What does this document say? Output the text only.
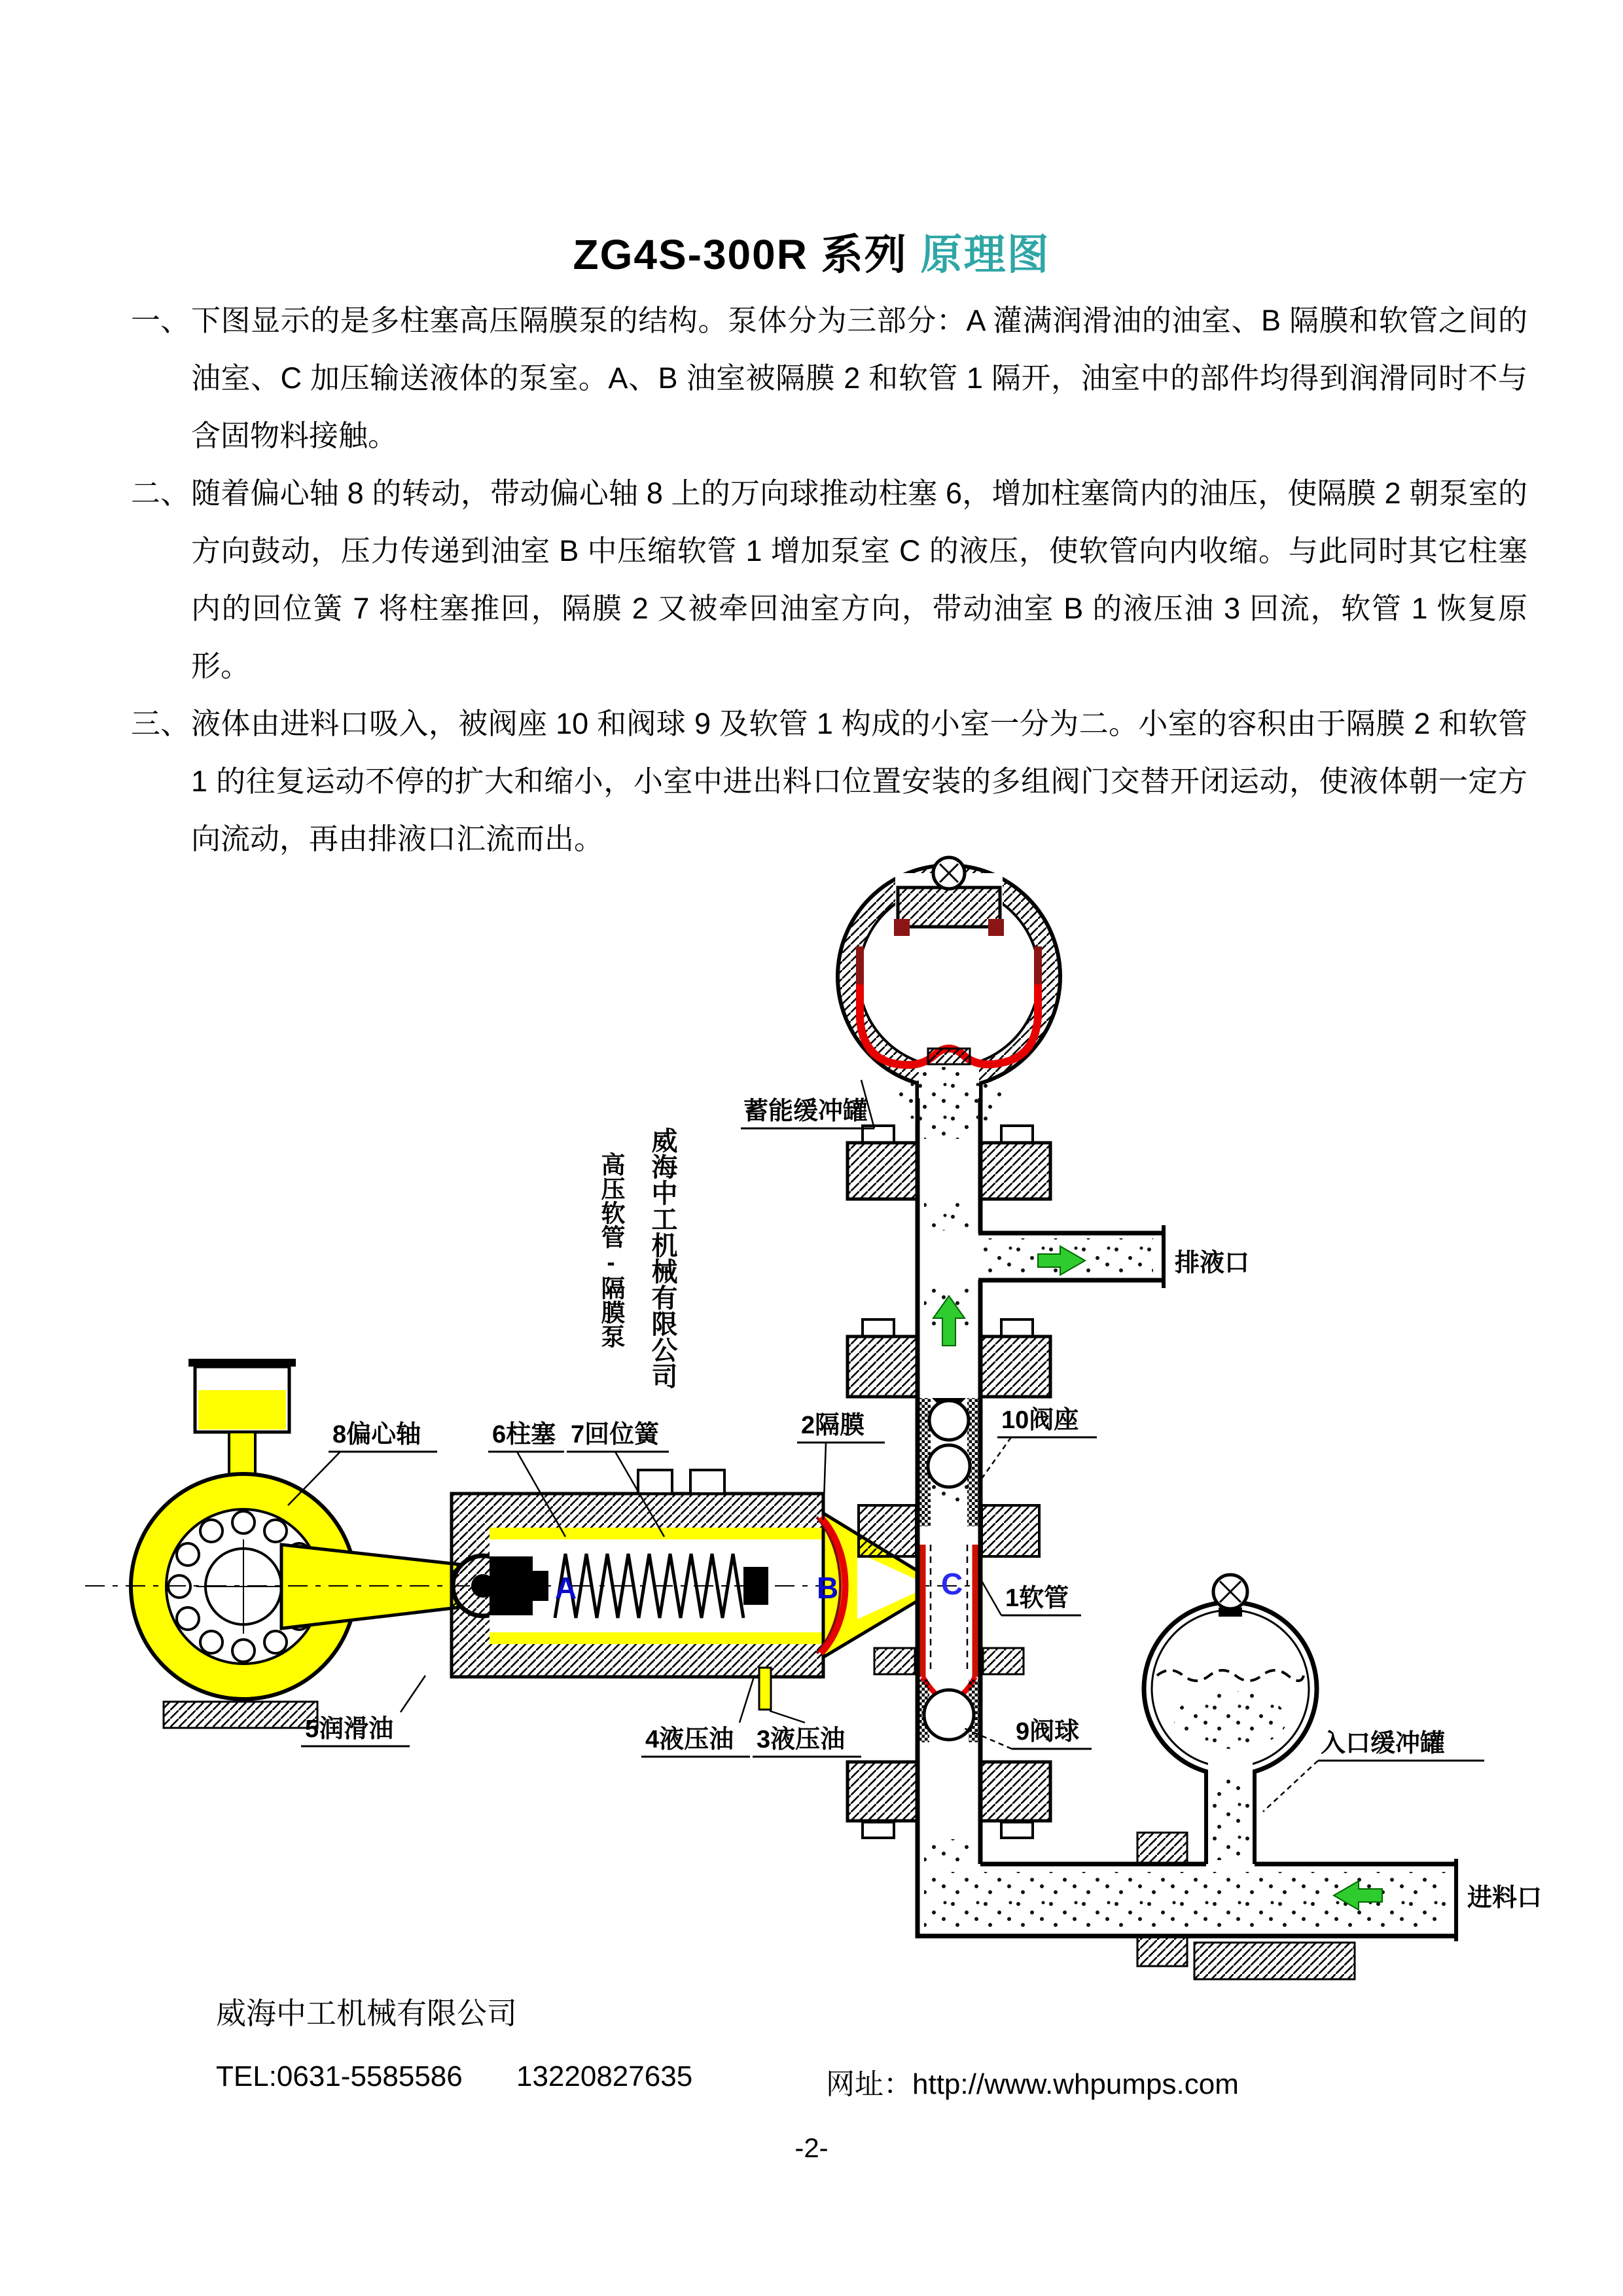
ZG4S-300R 系列 原理图
一、 下图显示的是多柱塞高压隔膜泵的结构。泵体分为三部分：A 灌满润滑油的油室、B 隔膜和软管之间的油室、C 加压输送液体的泵室。A、B 油室被隔膜 2 和软管 1 隔开，油室中的部件均得到润滑同时不与含固物料接触。
二、 随着偏心轴 8 的转动，带动偏心轴 8 上的万向球推动柱塞 6，增加柱塞筒内的油压，使隔膜 2 朝泵室的方向鼓动，压力传递到油室 B 中压缩软管 1 增加泵室 C 的液压，使软管向内收缩。与此同时其它柱塞内的回位簧 7 将柱塞推回，隔膜 2 又被牵回油室方向，带动油室 B 的液压油 3 回流，软管 1 恢复原形。
三、 液体由进料口吸入，被阀座 10 和阀球 9 及软管 1 构成的小室一分为二。小室的容积由于隔膜 2 和软管 1 的往复运动不停的扩大和缩小，小室中进出料口位置安装的多组阀门交替开闭运动，使液体朝一定方向流动，再由排液口汇流而出。
蓄能缓冲罐
入口缓冲罐
8偏心轴	6柱塞 7回位簧	2隔膜	10阀座
1软管
5润滑油	4液压油 3液压油	9阀球
排液口
进料口
A	B	C
威海中工机械有限公司
高压软管-隔膜泵
威海中工机械有限公司
TEL:0631-5585586 13220827635	网址：http://www.whpumps.com
-2-
